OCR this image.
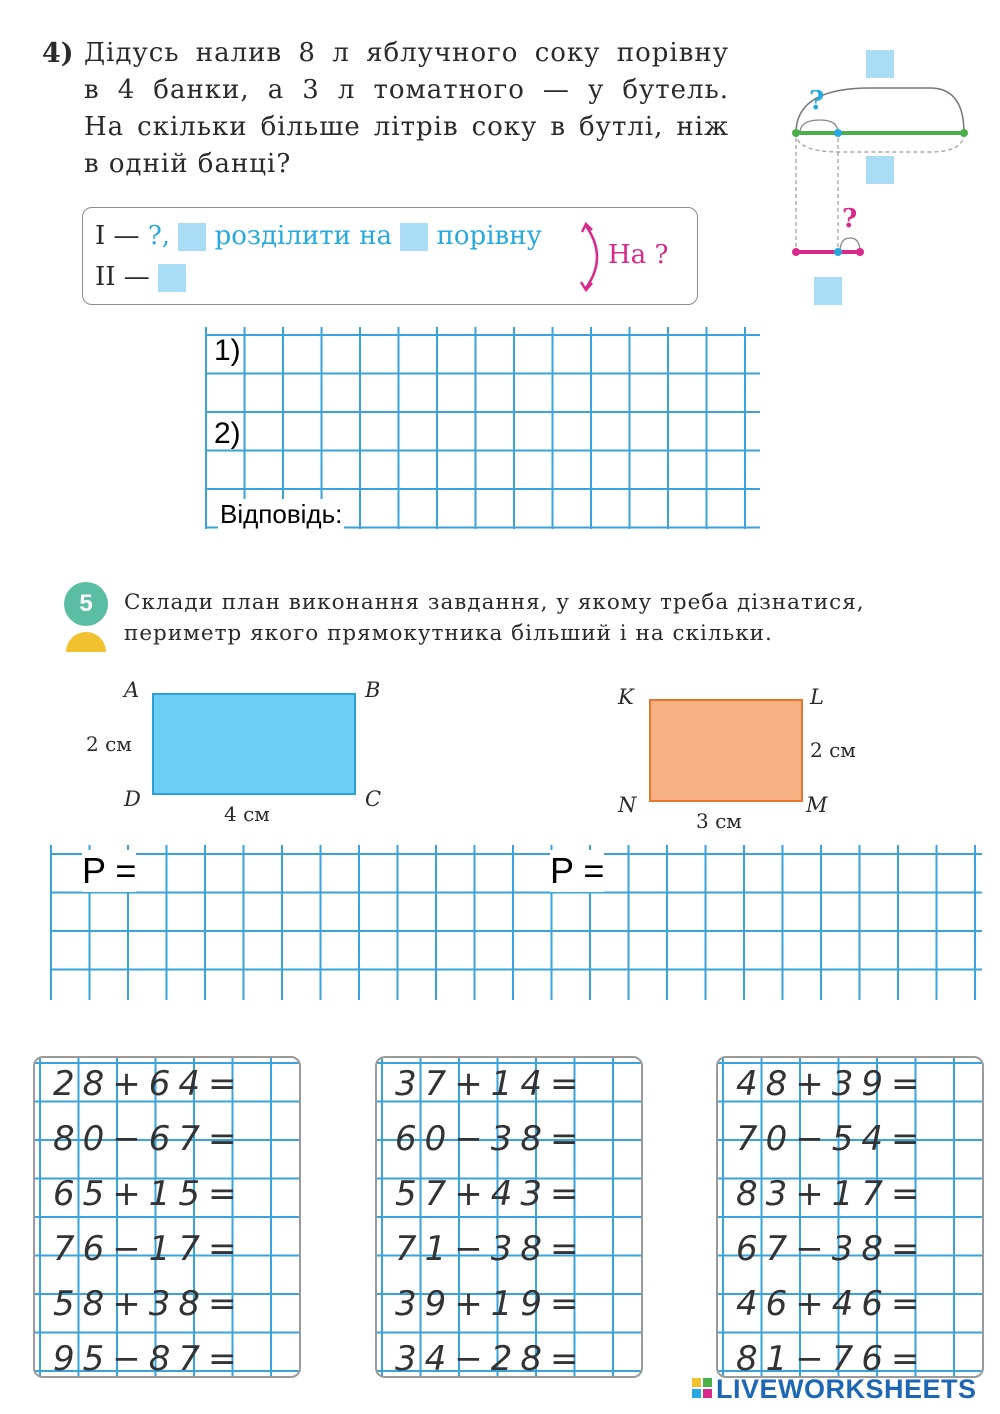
4) Дідусь налив 8 л яблучного соку порівну
в 4 банки, а 3 л томатного — у бутель.
На скільки більше літрів соку в бутлі, ніж
в одній банці?
I — ?, розділити на порівну
II —
На ?
?
?
1)
2)
Відповідь:
5	Склади план виконання завдання, у якому треба дізнатися,
периметр якого прямокутника більший і на скільки.
A	B
C
D
2 см
4 см
K	L
M
N
2 см
3 см
P =	P =
28+64=
80−67=
65+15=
76−17=
58+38=
95−87=
37+14=
60−38=
57+43=
71−38=
39+19=
34−28=
48+39=
70−54=
83+17=
67−38=
46+46=
81−76=
LIVEWORKSHEETS
